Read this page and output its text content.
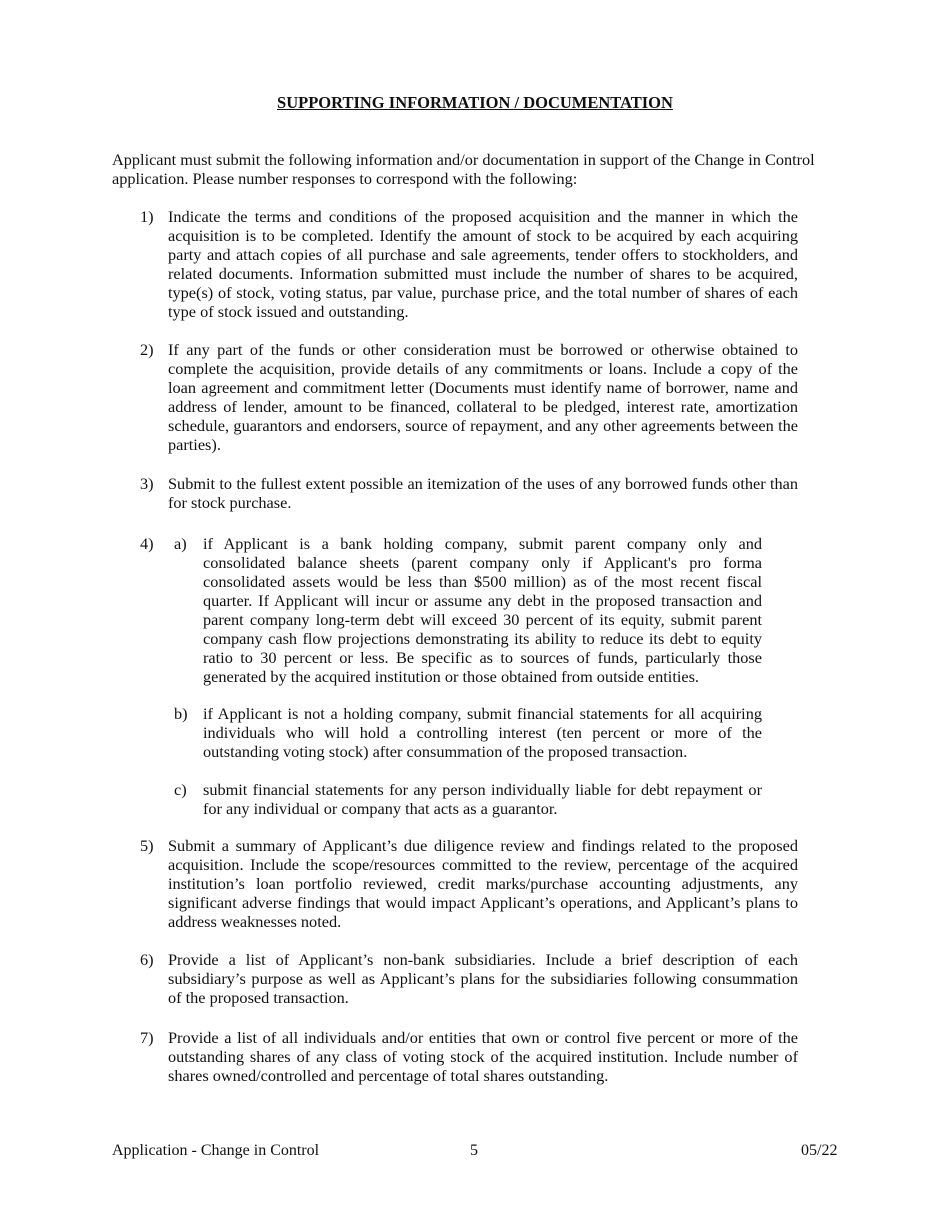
SUPPORTING INFORMATION / DOCUMENTATION
Applicant must submit the following information and/or documentation in support of the Change in Control application. Please number responses to correspond with the following:
1) Indicate the terms and conditions of the proposed acquisition and the manner in which the acquisition is to be completed. Identify the amount of stock to be acquired by each acquiring party and attach copies of all purchase and sale agreements, tender offers to stockholders, and related documents. Information submitted must include the number of shares to be acquired, type(s) of stock, voting status, par value, purchase price, and the total number of shares of each type of stock issued and outstanding.
2) If any part of the funds or other consideration must be borrowed or otherwise obtained to complete the acquisition, provide details of any commitments or loans. Include a copy of the loan agreement and commitment letter (Documents must identify name of borrower, name and address of lender, amount to be financed, collateral to be pledged, interest rate, amortization schedule, guarantors and endorsers, source of repayment, and any other agreements between the parties).
3) Submit to the fullest extent possible an itemization of the uses of any borrowed funds other than for stock purchase.
4) a) if Applicant is a bank holding company, submit parent company only and consolidated balance sheets (parent company only if Applicant's pro forma consolidated assets would be less than $500 million) as of the most recent fiscal quarter. If Applicant will incur or assume any debt in the proposed transaction and parent company long-term debt will exceed 30 percent of its equity, submit parent company cash flow projections demonstrating its ability to reduce its debt to equity ratio to 30 percent or less. Be specific as to sources of funds, particularly those generated by the acquired institution or those obtained from outside entities.
b) if Applicant is not a holding company, submit financial statements for all acquiring individuals who will hold a controlling interest (ten percent or more of the outstanding voting stock) after consummation of the proposed transaction.
c) submit financial statements for any person individually liable for debt repayment or for any individual or company that acts as a guarantor.
5) Submit a summary of Applicant’s due diligence review and findings related to the proposed acquisition. Include the scope/resources committed to the review, percentage of the acquired institution’s loan portfolio reviewed, credit marks/purchase accounting adjustments, any significant adverse findings that would impact Applicant’s operations, and Applicant’s plans to address weaknesses noted.
6) Provide a list of Applicant’s non-bank subsidiaries. Include a brief description of each subsidiary’s purpose as well as Applicant’s plans for the subsidiaries following consummation of the proposed transaction.
7) Provide a list of all individuals and/or entities that own or control five percent or more of the outstanding shares of any class of voting stock of the acquired institution. Include number of shares owned/controlled and percentage of total shares outstanding.
Application - Change in Control	5	05/22
